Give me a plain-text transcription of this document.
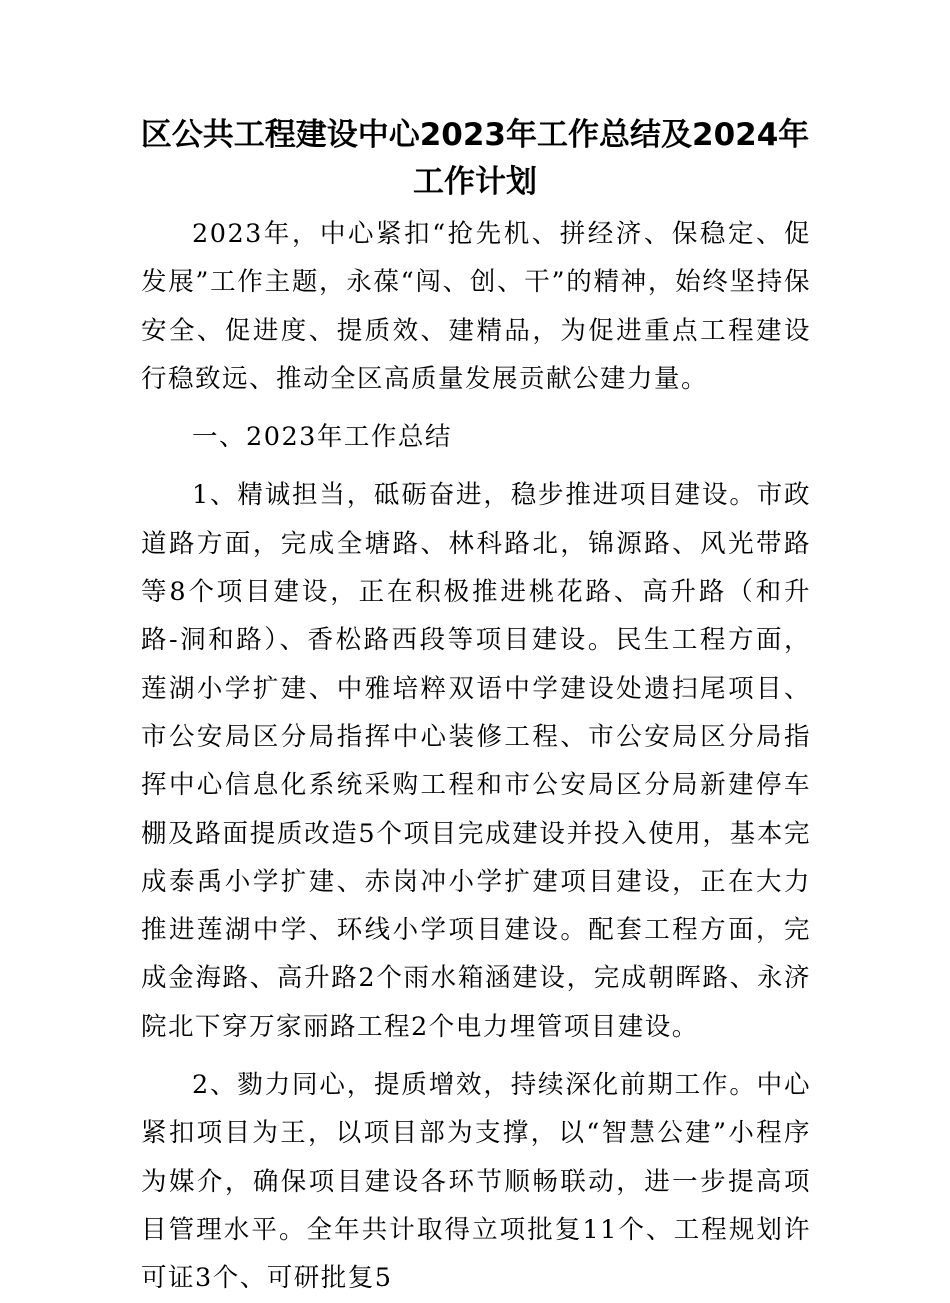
区公共工程建设中心2023年工作总结及2024年工作计划

2023年，中心紧扣“抢先机、拼经济、保稳定、促发展”工作主题，永葆“闯、创、干”的精神，始终坚持保安全、促进度、提质效、建精品，为促进重点工程建设行稳致远、推动全区高质量发展贡献公建力量。

一、2023年工作总结

1、精诚担当，砥砺奋进，稳步推进项目建设。市政道路方面，完成全塘路、林科路北，锦源路、风光带路等8个项目建设，正在积极推进桃花路、高升路（和升路-洞和路）、香松路西段等项目建设。民生工程方面，莲湖小学扩建、中雅培粹双语中学建设处遗扫尾项目、市公安局区分局指挥中心装修工程、市公安局区分局指挥中心信息化系统采购工程和市公安局区分局新建停车棚及路面提质改造5个项目完成建设并投入使用，基本完成泰禹小学扩建、赤岗冲小学扩建项目建设，正在大力推进莲湖中学、环线小学项目建设。配套工程方面，完成金海路、高升路2个雨水箱涵建设，完成朝晖路、永济院北下穿万家丽路工程2个电力埋管项目建设。

2、勠力同心，提质增效，持续深化前期工作。中心紧扣项目为王，以项目部为支撑，以“智慧公建”小程序为媒介，确保项目建设各环节顺畅联动，进一步提高项目管理水平。全年共计取得立项批复11个、工程规划许可证3个、可研批复5
